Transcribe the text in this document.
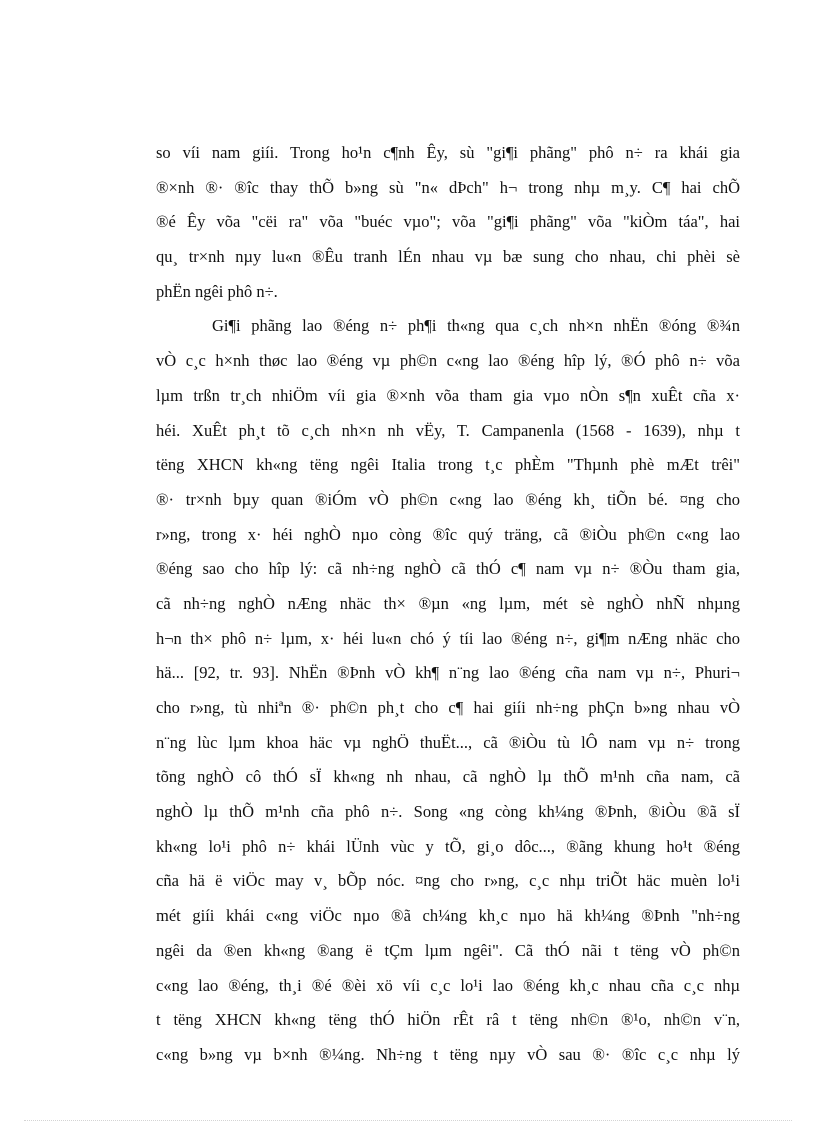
so víi nam giíi. Trong ho¹n c¶nh Êy, sù "gi¶i phãng" phô n÷ ra khái gia
®×nh ®· ®îc thay thÕ b»ng sù "n« dÞch" h¬ trong nhµ m¸y. C¶ hai chÕ
®é Êy võa "cëi ra" võa "buéc vµo"; võa "gi¶i phãng" võa "kiÒm táa", hai
qu¸ tr×nh nµy lu«n ®Êu tranh lÉn nhau vµ bæ sung cho nhau, chi phèi sè
phËn ngêi phô n÷.
Gi¶i phãng lao ®éng n÷ ph¶i th«ng qua c¸ch nh×n nhËn ®óng ®¾n
vÒ c¸c h×nh thøc lao ®éng vµ ph©n c«ng lao ®éng hîp lý, ®Ó phô n÷ võa
lµm trßn tr¸ch nhiÖm víi gia ®×nh võa tham gia vµo nÒn s¶n xuÊt cña x·
héi. XuÊt ph¸t tõ c¸ch nh×n nh vËy, T. Campanenla (1568 - 1639), nhµ t
tëng XHCN kh«ng tëng ngêi Italia trong t¸c phÈm "Thµnh phè mÆt trêi"
®· tr×nh bµy quan ®iÓm vÒ ph©n c«ng lao ®éng kh¸ tiÕn bé. ¤ng cho
r»ng, trong x· héi nghÒ nµo còng ®îc quý träng, cã ®iÒu ph©n c«ng lao
®éng sao cho hîp lý: cã nh÷ng nghÒ cã thÓ c¶ nam vµ n÷ ®Òu tham gia,
cã nh÷ng nghÒ nÆng nhäc th× ®µn «ng lµm, mét sè nghÒ nhÑ nhµng
h¬n th× phô n÷ lµm, x· héi lu«n chó ý tíi lao ®éng n÷, gi¶m nÆng nhäc cho
hä... [92, tr. 93]. NhËn ®Þnh vÒ kh¶ n¨ng lao ®éng cña nam vµ n÷, Phuri¬
cho r»ng, tù nhiªn ®· ph©n ph¸t cho c¶ hai giíi nh÷ng phÇn b»ng nhau vÒ
n¨ng lùc lµm khoa häc vµ nghÖ thuËt..., cã ®iÒu tù lÔ nam vµ n÷ trong
tõng nghÒ cô thÓ sÏ kh«ng nh nhau, cã nghÒ lµ thÕ m¹nh cña nam, cã
nghÒ lµ thÕ m¹nh cña phô n÷. Song «ng còng kh¼ng ®Þnh, ®iÒu ®ã sÏ
kh«ng lo¹i phô n÷ khái lÜnh vùc y tÕ, gi¸o dôc..., ®ãng khung ho¹t ®éng
cña hä ë viÖc may v¸ bÕp nóc. ¤ng cho r»ng, c¸c nhµ triÕt häc muèn lo¹i
mét giíi khái c«ng viÖc nµo ®ã ch¼ng kh¸c nµo hä kh¼ng ®Þnh "nh÷ng
ngêi da ®en kh«ng ®ang ë tÇm lµm ngêi". Cã thÓ nãi t tëng vÒ ph©n
c«ng lao ®éng, th¸i ®é ®èi xö víi c¸c lo¹i lao ®éng kh¸c nhau cña c¸c nhµ
t tëng XHCN kh«ng tëng thÓ hiÖn rÊt râ t tëng nh©n ®¹o, nh©n v¨n,
c«ng b»ng vµ b×nh ®¼ng. Nh÷ng t tëng nµy vÒ sau ®· ®îc c¸c nhµ lý
